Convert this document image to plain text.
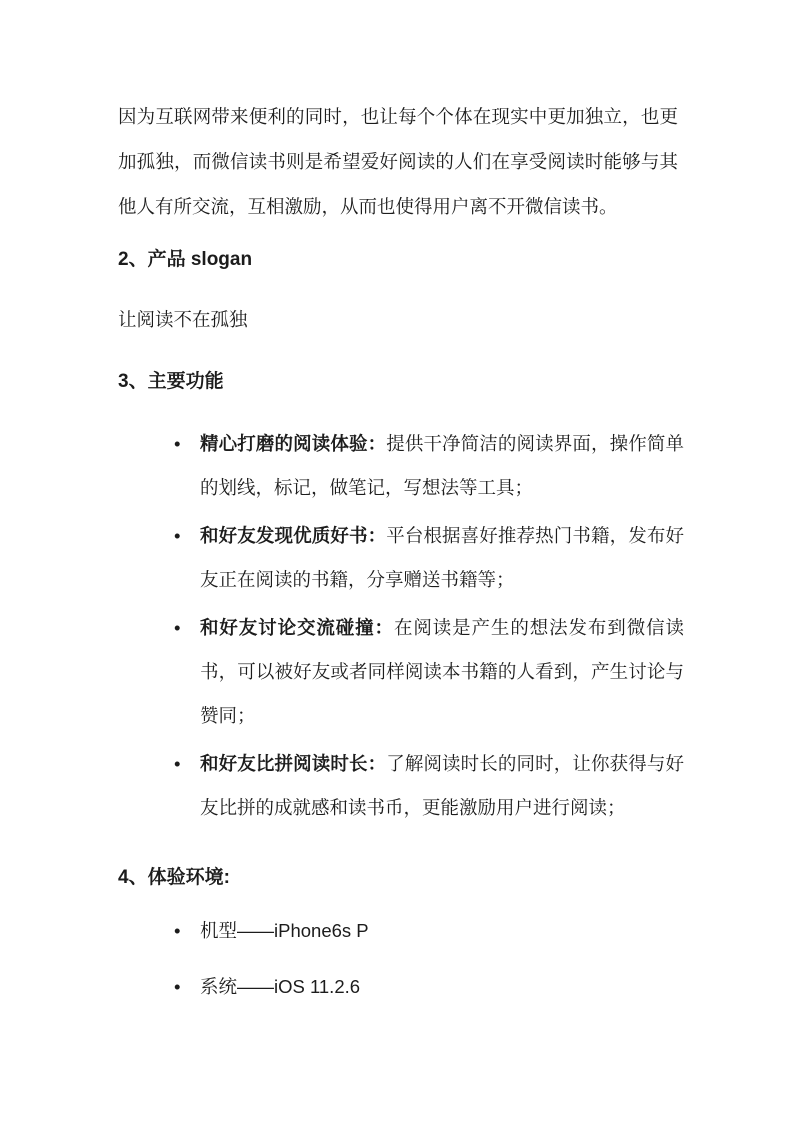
因为互联网带来便利的同时，也让每个个体在现实中更加独立，也更加孤独，而微信读书则是希望爱好阅读的人们在享受阅读时能够与其他人有所交流，互相激励，从而也使得用户离不开微信读书。
2、产品 slogan
让阅读不在孤独
3、主要功能
• 精心打磨的阅读体验：提供干净简洁的阅读界面，操作简单的划线，标记，做笔记，写想法等工具；
• 和好友发现优质好书：平台根据喜好推荐热门书籍，发布好友正在阅读的书籍，分享赠送书籍等；
• 和好友讨论交流碰撞：在阅读是产生的想法发布到微信读书，可以被好友或者同样阅读本书籍的人看到，产生讨论与赞同；
• 和好友比拼阅读时长：了解阅读时长的同时，让你获得与好友比拼的成就感和读书币，更能激励用户进行阅读；
4、体验环境:
• 机型——iPhone6s P
• 系统——iOS 11.2.6
